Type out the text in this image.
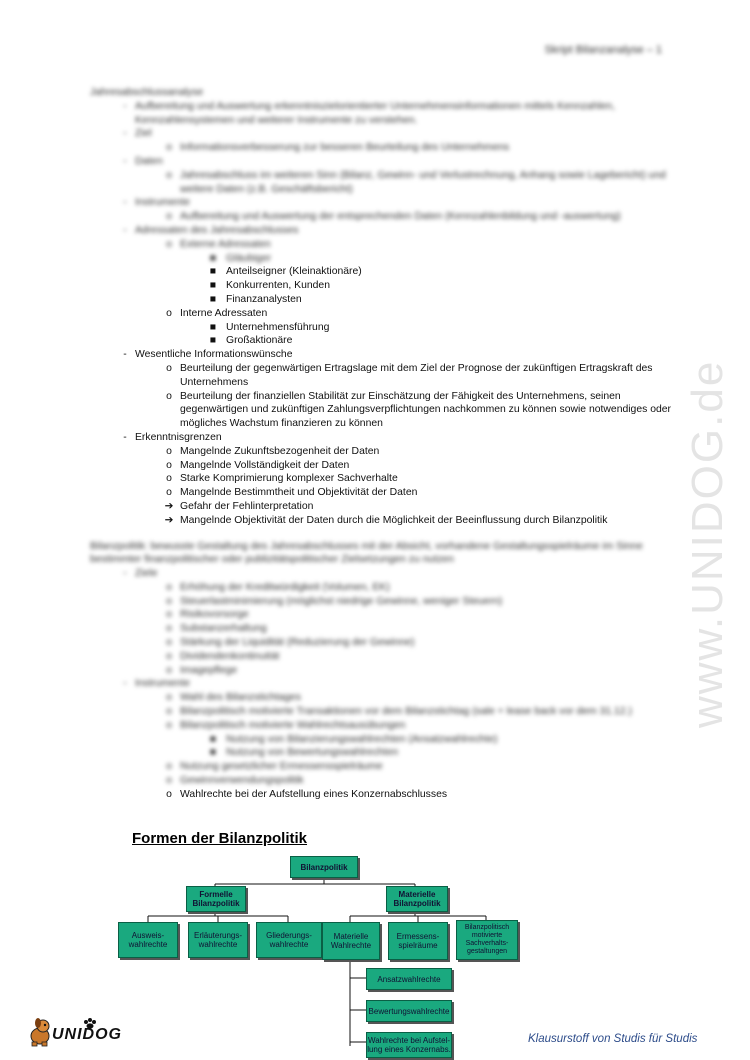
Skript Bilanzanalyse – 1
www.UNIDOG.de
Jahresabschlussanalyse
- Aufbereitung und Auswertung erkenntniszielorientierter Unternehmensinformationen mittels Kennzahlen, Kennzahlensystemen und weiterer Instrumente zu verstehen.
- Ziel
o Informationsverbesserung zur besseren Beurteilung des Unternehmens
- Daten
o Jahresabschluss im weiteren Sinn (Bilanz, Gewinn- und Verlustrechnung, Anhang sowie Lagebericht) und weitere Daten (z.B. Geschäftsbericht)
- Instrumente
o Aufbereitung und Auswertung der entsprechenden Daten (Kennzahlenbildung und -auswertung)
- Adressaten des Jahresabschlusses
o Externe Adressaten
■ Gläubiger
■ Anteilseigner (Kleinaktionäre)
■ Konkurrenten, Kunden
■ Finanzanalysten
o Interne Adressaten
■ Unternehmensführung
■ Großaktionäre
- Wesentliche Informationswünsche
o Beurteilung der gegenwärtigen Ertragslage mit dem Ziel der Prognose der zukünftigen Ertragskraft des Unternehmens
o Beurteilung der finanziellen Stabilität zur Einschätzung der Fähigkeit des Unternehmens, seinen gegenwärtigen und zukünftigen Zahlungsverpflichtungen nachkommen zu können sowie notwendiges oder mögliches Wachstum finanzieren zu können
- Erkenntnisgrenzen
o Mangelnde Zukunftsbezogenheit der Daten
o Mangelnde Vollständigkeit der Daten
o Starke Komprimierung komplexer Sachverhalte
o Mangelnde Bestimmtheit und Objektivität der Daten
➔ Gefahr der Fehlinterpretation
➔ Mangelnde Objektivität der Daten durch die Möglichkeit der Beeinflussung durch Bilanzpolitik
Bilanzpolitik: bewusste Gestaltung des Jahresabschlusses mit der Absicht, vorhandene Gestaltungsspielräume im Sinne bestimmter finanzpolitischer oder publizitätspolitischer Zielsetzungen zu nutzen
- Ziele
o Erhöhung der Kreditwürdigkeit (Volumen, EK)
o Steuerlastminimierung (möglichst niedrige Gewinne, weniger Steuern)
o Risikovorsorge
o Substanzerhaltung
o Stärkung der Liquidität (Reduzierung der Gewinne)
o Dividendenkontinuität
o Imagepflege
- Instrumente
o Wahl des Bilanzstichtages
o Bilanzpolitisch motivierte Transaktionen vor dem Bilanzstichtag (sale + lease back vor dem 31.12.)
o Bilanzpolitisch motivierte Wahlrechtsausübungen
■ Nutzung von Bilanzierungswahlrechten (Ansatzwahlrechte)
■ Nutzung von Bewertungswahlrechten
o Nutzung gesetzlicher Ermessensspielräume
o Gewinnverwendungspolitik
o Wahlrechte bei der Aufstellung eines Konzernabschlusses
Formen der Bilanzpolitik
Bilanzpolitik
Formelle Bilanzpolitik
Materielle Bilanzpolitik
Ausweis-wahlrechte
Erläuterungs-wahlrechte
Gliederungs-wahlrechte
Materielle Wahlrechte
Ermessens-spielräume
Bilanzpolitisch motivierte Sachverhalts-gestaltungen
Ansatzwahlrechte
Bewertungswahlrechte
Wahlrechte bei Aufstel-lung eines Konzernabs.
UNIDOG	Klausurstoff von Studis für Studis
